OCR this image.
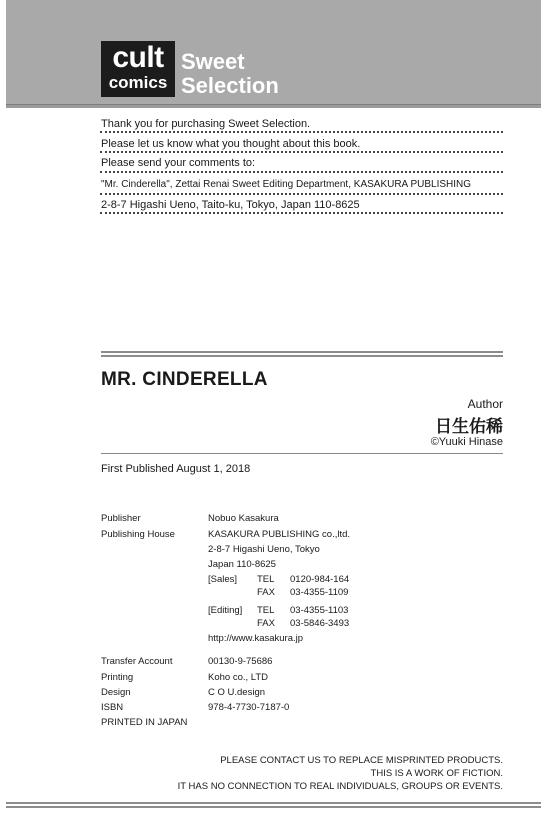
cult
comics
Sweet
Selection
Thank you for purchasing Sweet Selection.
Please let us know what you thought about this book.
Please send your comments to:
"Mr. Cinderella", Zettai Renai Sweet Editing Department, KASAKURA PUBLISHING
2-8-7 Higashi Ueno, Taito-ku, Tokyo, Japan 110-8625
MR. CINDERELLA
Author
日生佑稀
©Yuuki Hinase
First Published August 1, 2018
Publisher	Nobuo Kasakura
Publishing House	KASAKURA PUBLISHING co.,ltd.
2-8-7 Higashi Ueno, Tokyo
Japan 110-8625
[Sales] TEL 0120-984-164
FAX 03-4355-1109
[Editing] TEL 03-4355-1103
FAX 03-5846-3493
http://www.kasakura.jp
Transfer Account	00130-9-75686
Printing	Koho co., LTD
Design	C O U.design
ISBN	978-4-7730-7187-0
PRINTED IN JAPAN
PLEASE CONTACT US TO REPLACE MISPRINTED PRODUCTS.
THIS IS A WORK OF FICTION.
IT HAS NO CONNECTION TO REAL INDIVIDUALS, GROUPS OR EVENTS.
